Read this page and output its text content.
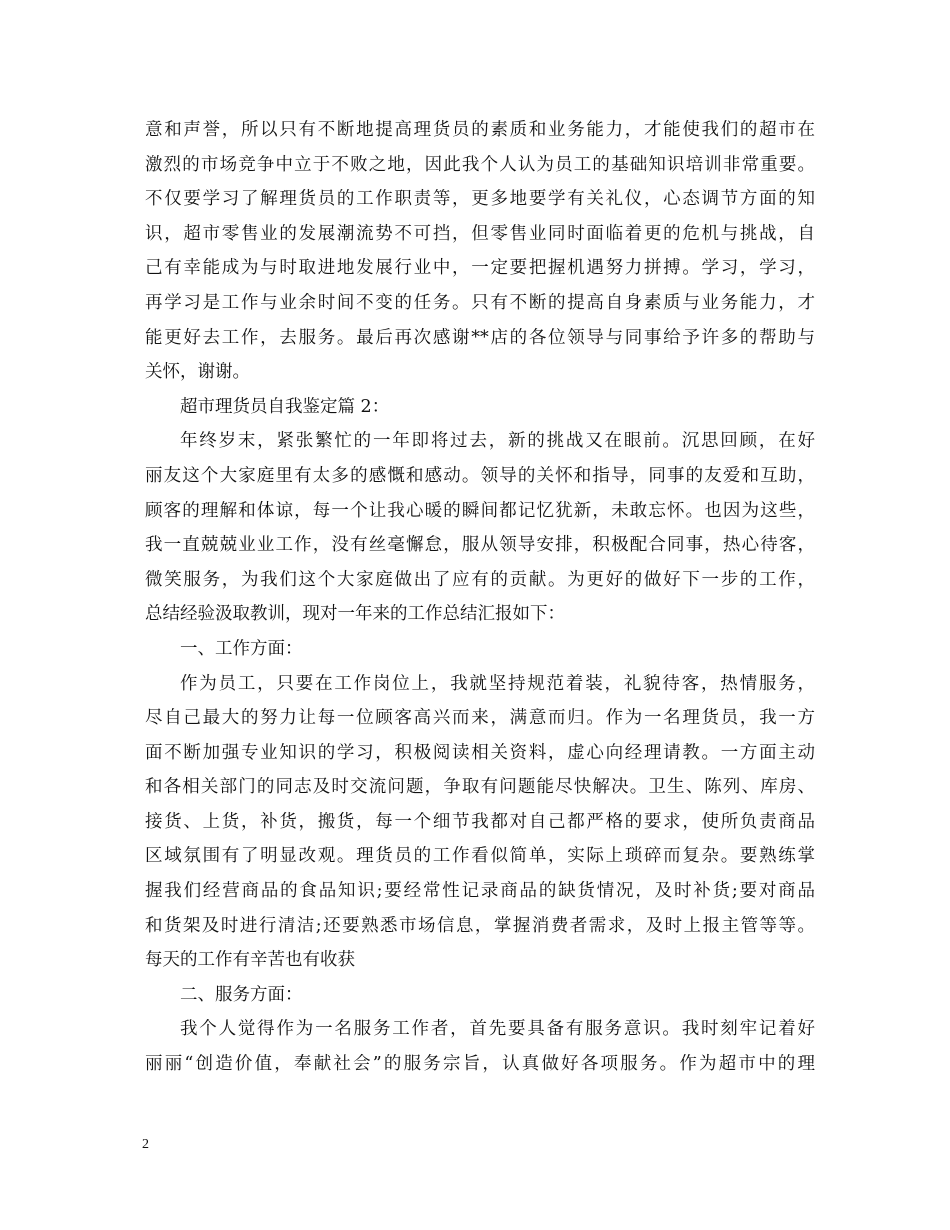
意和声誉，所以只有不断地提高理货员的素质和业务能力，才能使我们的超市在
激烈的市场竞争中立于不败之地，因此我个人认为员工的基础知识培训非常重要。
不仅要学习了解理货员的工作职责等，更多地要学有关礼仪，心态调节方面的知
识，超市零售业的发展潮流势不可挡，但零售业同时面临着更的危机与挑战，自
己有幸能成为与时取进地发展行业中，一定要把握机遇努力拼搏。学习，学习，
再学习是工作与业余时间不变的任务。只有不断的提高自身素质与业务能力，才
能更好去工作，去服务。最后再次感谢**店的各位领导与同事给予许多的帮助与
关怀，谢谢。
超市理货员自我鉴定篇 2：
年终岁末，紧张繁忙的一年即将过去，新的挑战又在眼前。沉思回顾，在好
丽友这个大家庭里有太多的感慨和感动。领导的关怀和指导，同事的友爱和互助，
顾客的理解和体谅，每一个让我心暖的瞬间都记忆犹新，未敢忘怀。也因为这些，
我一直兢兢业业工作，没有丝毫懈怠，服从领导安排，积极配合同事，热心待客，
微笑服务，为我们这个大家庭做出了应有的贡献。为更好的做好下一步的工作，
总结经验汲取教训，现对一年来的工作总结汇报如下：
一、工作方面：
作为员工，只要在工作岗位上，我就坚持规范着装，礼貌待客，热情服务，
尽自己最大的努力让每一位顾客高兴而来，满意而归。作为一名理货员，我一方
面不断加强专业知识的学习，积极阅读相关资料，虚心向经理请教。一方面主动
和各相关部门的同志及时交流问题，争取有问题能尽快解决。卫生、陈列、库房、
接货、上货，补货，搬货，每一个细节我都对自己都严格的要求，使所负责商品
区域氛围有了明显改观。理货员的工作看似简单，实际上琐碎而复杂。要熟练掌
握我们经营商品的食品知识;要经常性记录商品的缺货情况，及时补货;要对商品
和货架及时进行清洁;还要熟悉市场信息，掌握消费者需求，及时上报主管等等。
每天的工作有辛苦也有收获
二、服务方面：
我个人觉得作为一名服务工作者，首先要具备有服务意识。我时刻牢记着好
丽丽“创造价值，奉献社会”的服务宗旨，认真做好各项服务。作为超市中的理
2
